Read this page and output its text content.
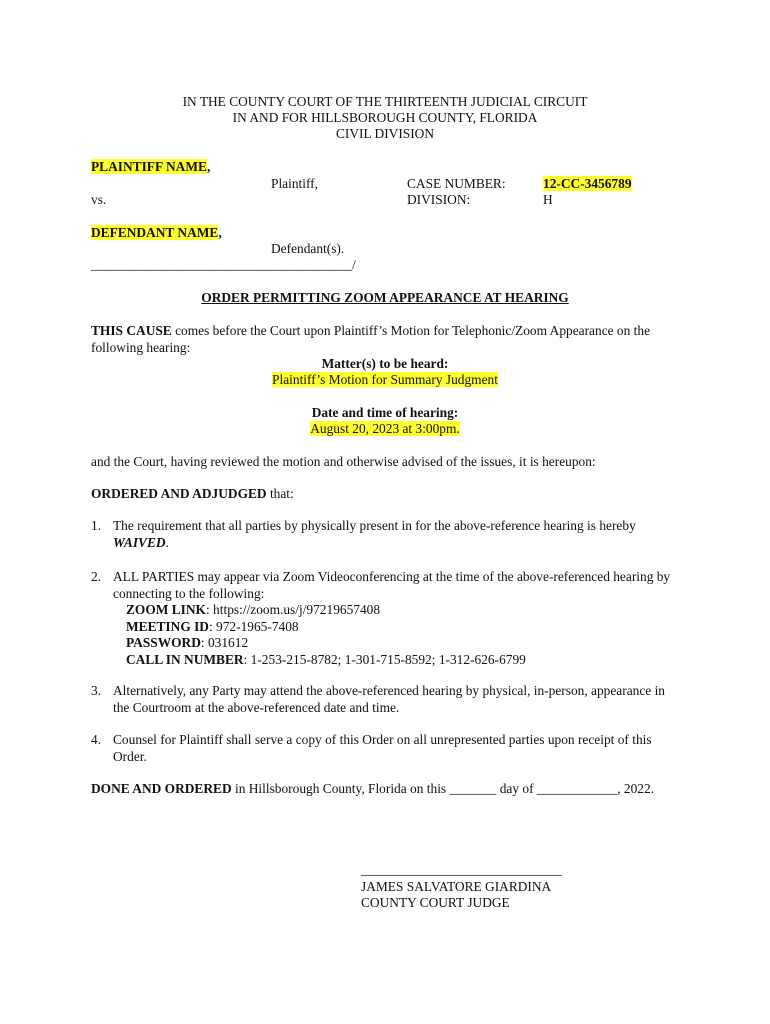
IN THE COUNTY COURT OF THE THIRTEENTH JUDICIAL CIRCUIT
IN AND FOR HILLSBOROUGH COUNTY, FLORIDA
CIVIL DIVISION
PLAINTIFF NAME,
Plaintiff,	CASE NUMBER:	12-CC-3456789
vs.	DIVISION:	H
DEFENDANT NAME,
Defendant(s).
_______________________________________/
ORDER PERMITTING ZOOM APPEARANCE AT HEARING
THIS CAUSE comes before the Court upon Plaintiff’s Motion for Telephonic/Zoom Appearance on the following hearing:
Matter(s) to be heard:
Plaintiff’s Motion for Summary Judgment
Date and time of hearing:
August 20, 2023 at 3:00pm.
and the Court, having reviewed the motion and otherwise advised of the issues, it is hereupon:
ORDERED AND ADJUDGED that:
1. The requirement that all parties by physically present in for the above-reference hearing is hereby WAIVED.
2. ALL PARTIES may appear via Zoom Videoconferencing at the time of the above-referenced hearing by connecting to the following:
ZOOM LINK: https://zoom.us/j/97219657408
MEETING ID: 972-1965-7408
PASSWORD: 031612
CALL IN NUMBER: 1-253-215-8782; 1-301-715-8592; 1-312-626-6799
3. Alternatively, any Party may attend the above-referenced hearing by physical, in-person, appearance in the Courtroom at the above-referenced date and time.
4. Counsel for Plaintiff shall serve a copy of this Order on all unrepresented parties upon receipt of this Order.
DONE AND ORDERED in Hillsborough County, Florida on this _______ day of ____________, 2022.
______________________________
JAMES SALVATORE GIARDINA
COUNTY COURT JUDGE
